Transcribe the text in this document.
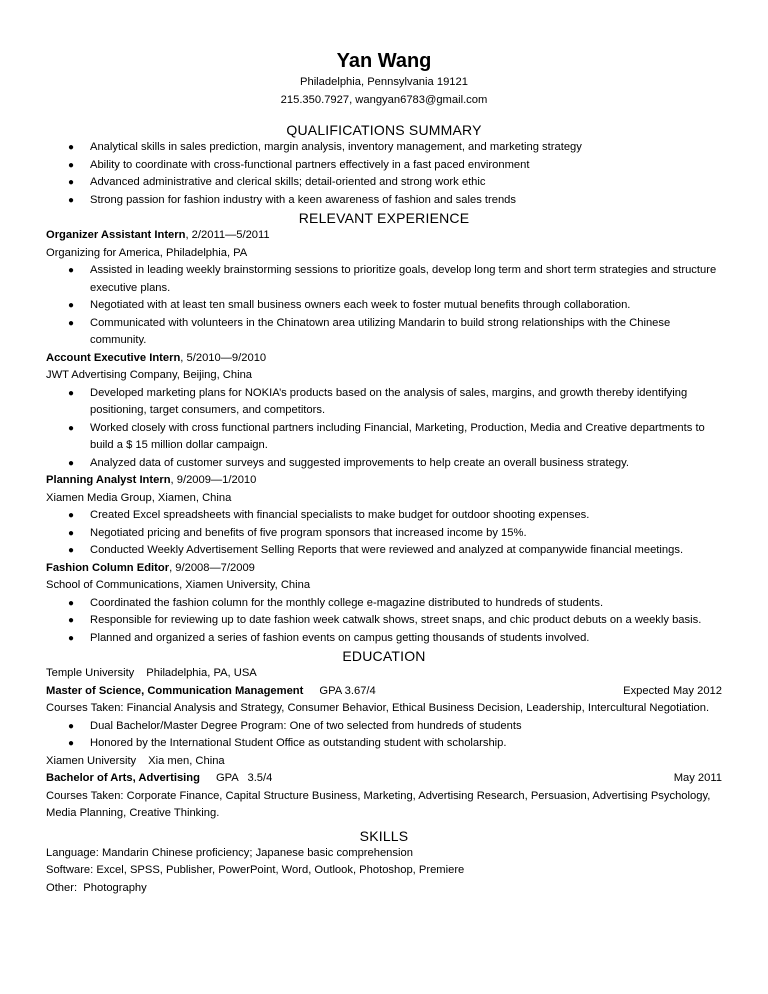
Yan Wang
Philadelphia, Pennsylvania 19121
215.350.7927, wangyan6783@gmail.com
QUALIFICATIONS SUMMARY
● Analytical skills in sales prediction, margin analysis, inventory management, and marketing strategy
● Ability to coordinate with cross-functional partners effectively in a fast paced environment
● Advanced administrative and clerical skills; detail-oriented and strong work ethic
● Strong passion for fashion industry with a keen awareness of fashion and sales trends
RELEVANT EXPERIENCE
Organizer Assistant Intern, 2/2011—5/2011
Organizing for America, Philadelphia, PA
● Assisted in leading weekly brainstorming sessions to prioritize goals, develop long term and short term strategies and structure executive plans.
● Negotiated with at least ten small business owners each week to foster mutual benefits through collaboration.
● Communicated with volunteers in the Chinatown area utilizing Mandarin to build strong relationships with the Chinese community.
Account Executive Intern, 5/2010—9/2010
JWT Advertising Company, Beijing, China
● Developed marketing plans for NOKIA’s products based on the analysis of sales, margins, and growth thereby identifying positioning, target consumers, and competitors.
● Worked closely with cross functional partners including Financial, Marketing, Production, Media and Creative departments to build a $ 15 million dollar campaign.
● Analyzed data of customer surveys and suggested improvements to help create an overall business strategy.
Planning Analyst Intern, 9/2009—1/2010
Xiamen Media Group, Xiamen, China
● Created Excel spreadsheets with financial specialists to make budget for outdoor shooting expenses.
● Negotiated pricing and benefits of five program sponsors that increased income by 15%.
● Conducted Weekly Advertisement Selling Reports that were reviewed and analyzed at companywide financial meetings.
Fashion Column Editor, 9/2008—7/2009
School of Communications, Xiamen University, China
● Coordinated the fashion column for the monthly college e-magazine distributed to hundreds of students.
● Responsible for reviewing up to date fashion week catwalk shows, street snaps, and chic product debuts on a weekly basis.
● Planned and organized a series of fashion events on campus getting thousands of students involved.
EDUCATION
Temple University Philadelphia, PA, USA
Master of Science, Communication Management GPA 3.67/4	Expected May 2012
Courses Taken: Financial Analysis and Strategy, Consumer Behavior, Ethical Business Decision, Leadership, Intercultural Negotiation.
● Dual Bachelor/Master Degree Program: One of two selected from hundreds of students
● Honored by the International Student Office as outstanding student with scholarship.
Xiamen University Xia men, China
Bachelor of Arts, Advertising GPA   3.5/4	May 2011
Courses Taken: Corporate Finance, Capital Structure Business, Marketing, Advertising Research, Persuasion, Advertising Psychology, Media Planning, Creative Thinking.
SKILLS
Language: Mandarin Chinese proficiency; Japanese basic comprehension
Software: Excel, SPSS, Publisher, PowerPoint, Word, Outlook, Photoshop, Premiere
Other:  Photography
